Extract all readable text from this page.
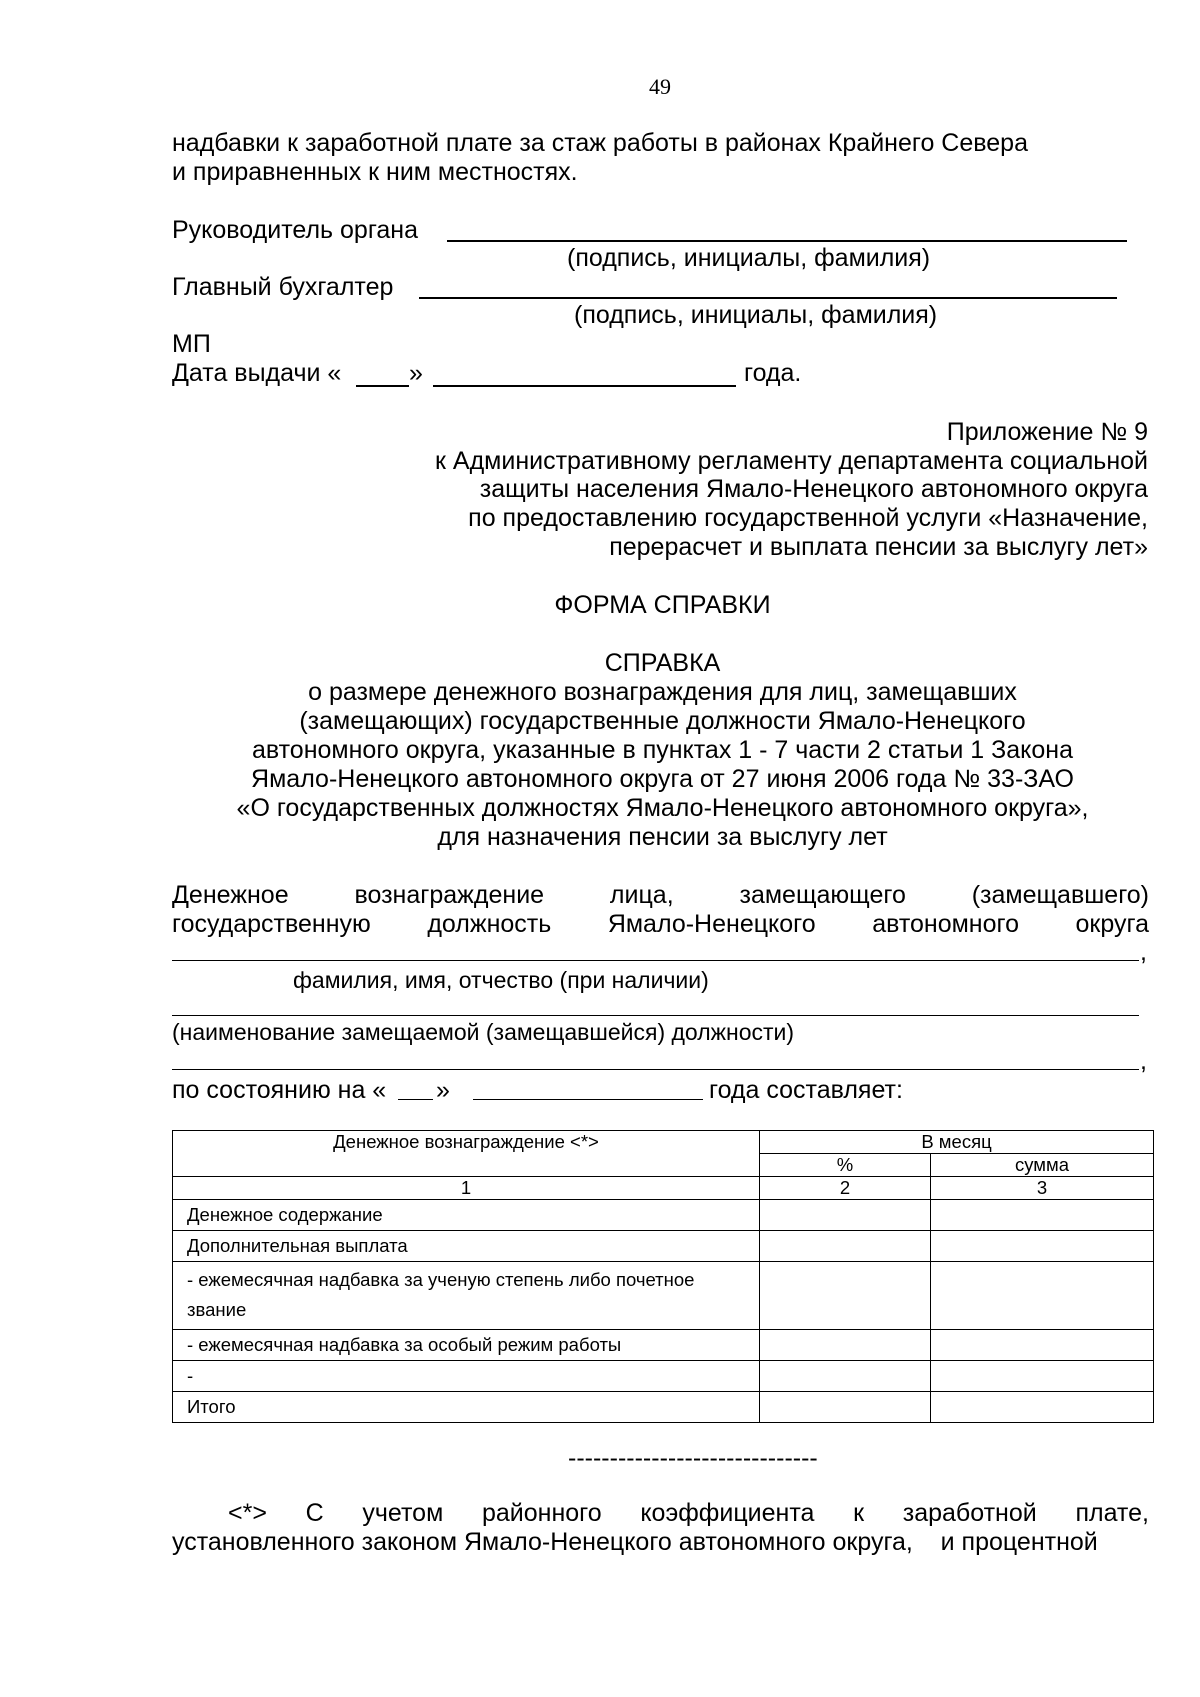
49
надбавки к заработной плате за стаж работы в районах Крайнего Севера
и приравненных к ним местностях.
Руководитель органа
(подпись, инициалы, фамилия)
Главный бухгалтер
(подпись, инициалы, фамилия)
МП
Дата выдачи «	»	года.
Приложение № 9
к Административному регламенту департамента социальной
защиты населения Ямало-Ненецкого автономного округа
по предоставлению государственной услуги «Назначение,
перерасчет и выплата пенсии за выслугу лет»
ФОРМА СПРАВКИ
СПРАВКА
о размере денежного вознаграждения для лиц, замещавших
(замещающих) государственные должности Ямало-Ненецкого
автономного округа, указанные в пунктах 1 - 7 части 2 статьи 1 Закона
Ямало-Ненецкого автономного округа от 27 июня 2006 года № 33-ЗАО
«О государственных должностях Ямало-Ненецкого автономного округа»,
для назначения пенсии за выслугу лет
Денежное	вознаграждение	лица,	замещающего	(замещавшего)
государственную должность Ямало-Ненецкого автономного округа
,
фамилия, имя, отчество (при наличии)
(наименование замещаемой (замещавшейся) должности)
,
по состоянию на « »	года составляет:
Денежное вознаграждение <*>	В месяц	
	%	сумма
1	2	3
Денежное содержание		
Дополнительная выплата		
- ежемесячная надбавка за ученую степень либо почетное звание		
- ежемесячная надбавка за особый режим работы		
-		
Итого		
------------------------------
<*> С учетом районного коэффициента к заработной плате,
установленного законом Ямало-Ненецкого автономного округа,    и процентной
